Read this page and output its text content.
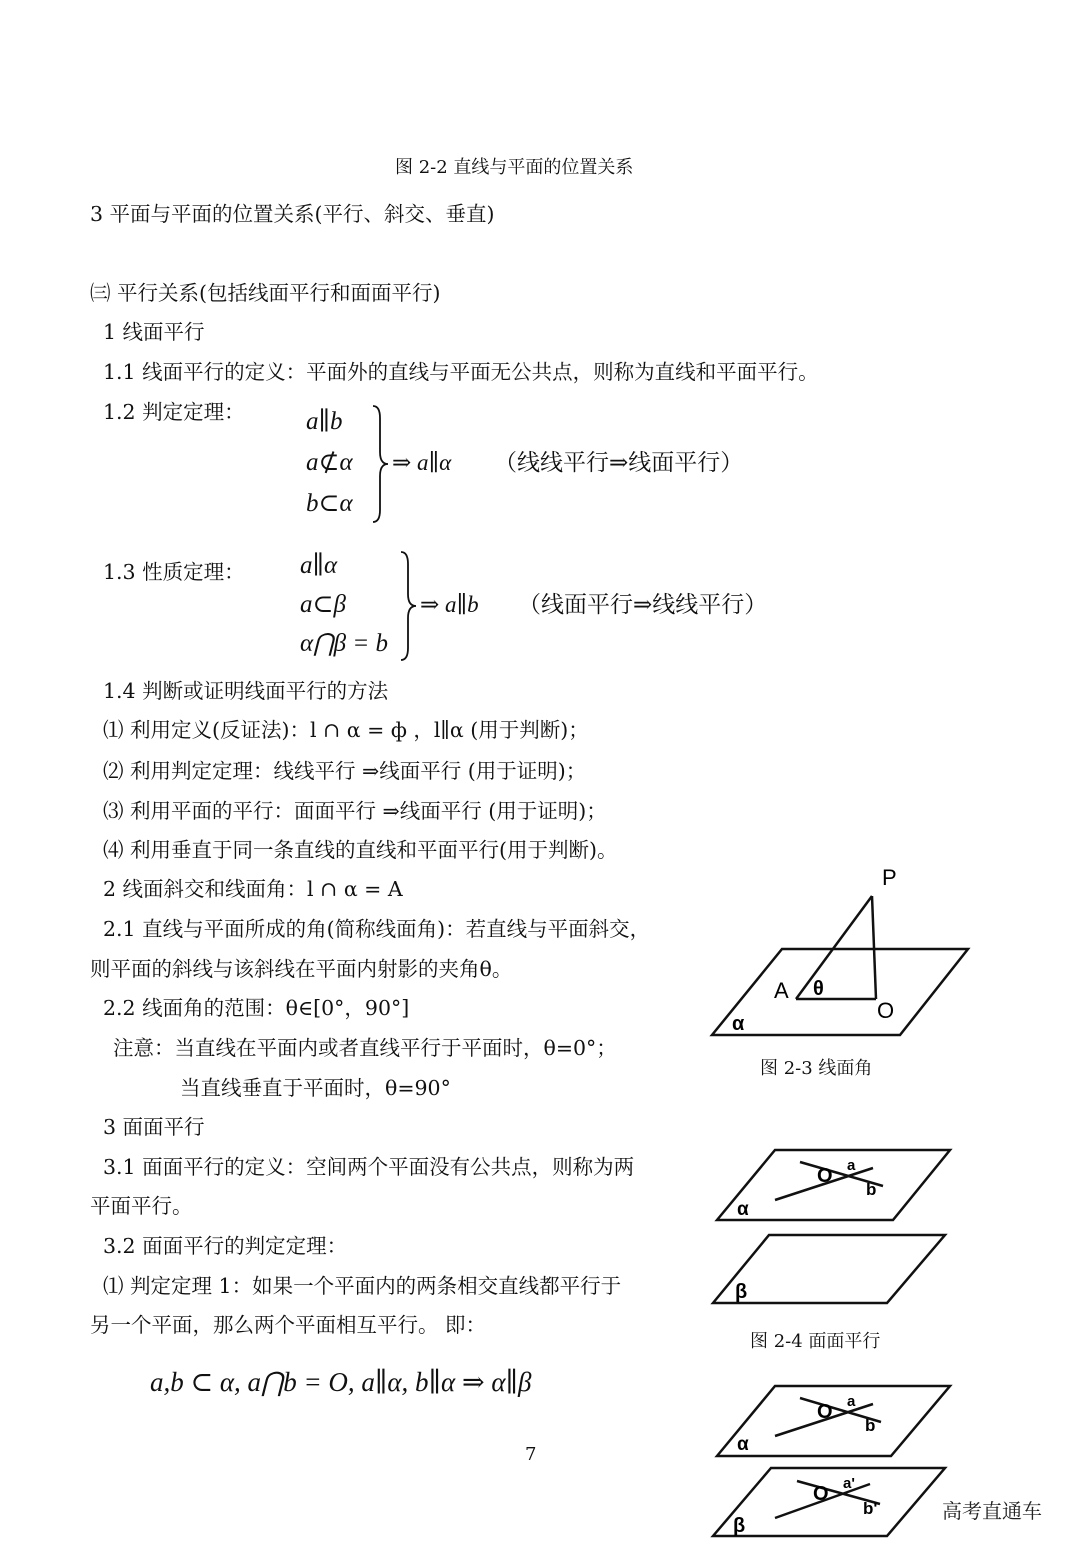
图 2-2 直线与平面的位置关系
3 平面与平面的位置关系(平行、斜交、垂直)
㈢ 平行关系(包括线面平行和面面平行)
1 线面平行
1.1 线面平行的定义：平面外的直线与平面无公共点，则称为直线和平面平行。
1.2 判定定理： a∥b
a⊄α
b⊂α
⇒ a∥α （线线平行⇒线面平行）
1.3 性质定理： a∥α
a⊂β
α⋂β = b
⇒ a∥b （线面平行⇒线线平行）
1.4 判断或证明线面平行的方法
⑴ 利用定义(反证法)：l ∩ α = ф ，l∥α (用于判断)；
⑵ 利用判定定理：线线平行 ⇒线面平行 (用于证明)；
⑶ 利用平面的平行：面面平行 ⇒线面平行 (用于证明)；
⑷ 利用垂直于同一条直线的直线和平面平行(用于判断)。
2 线面斜交和线面角：l ∩ α = A
2.1 直线与平面所成的角(简称线面角)：若直线与平面斜交，
则平面的斜线与该斜线在平面内射影的夹角θ。
2.2 线面角的范围：θ∈[0°，90°]
注意：当直线在平面内或者直线平行于平面时，θ=0°；
当直线垂直于平面时，θ=90°
3 面面平行
3.1 面面平行的定义：空间两个平面没有公共点，则称为两
平面平行。
3.2 面面平行的判定定理：
⑴ 判定定理 1：如果一个平面内的两条相交直线都平行于
另一个平面，那么两个平面相互平行。 即：
a,b ⊂ α, a⋂b = O, a∥α, b∥α ⇒ α∥β
P
A θ
O
α
图 2-3 线面角
O a
b
α
β
图 2-4 面面平行
O a
b
α
O a'
b'
β
7
高考直通车
